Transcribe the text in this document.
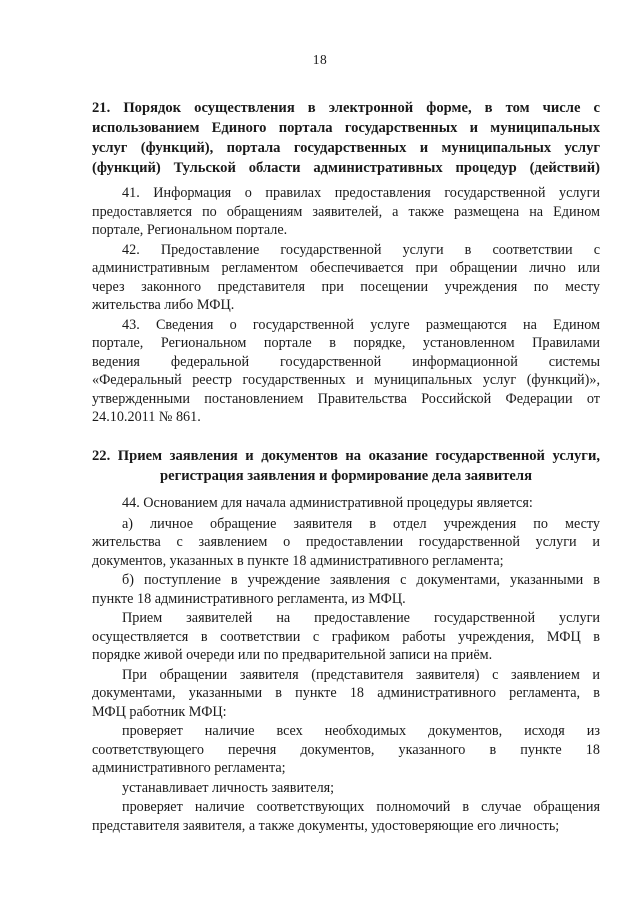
18
21. Порядок осуществления в электронной форме, в том числе с
использованием Единого портала государственных и муниципальных
услуг (функций), портала государственных и муниципальных услуг
(функций) Тульской области административных процедур (действий)
41. Информация о правилах предоставления государственной услуги
предоставляется по обращениям заявителей, а также размещена на Едином
портале, Региональном портале.
42. Предоставление государственной услуги в соответствии с
административным регламентом обеспечивается при обращении лично или
через законного представителя при посещении учреждения по месту
жительства либо МФЦ.
43. Сведения о государственной услуге размещаются на Едином
портале, Региональном портале в порядке, установленном Правилами
ведения федеральной государственной информационной системы
«Федеральный реестр государственных и муниципальных услуг (функций)»,
утвержденными постановлением Правительства Российской Федерации от
24.10.2011 № 861.
22. Прием заявления и документов на оказание государственной услуги,
регистрация заявления и формирование дела заявителя
44. Основанием для начала административной процедуры является:
а) личное обращение заявителя в отдел учреждения по месту
жительства с заявлением о предоставлении государственной услуги и
документов, указанных в пункте 18 административного регламента;
б) поступление в учреждение заявления с документами, указанными в
пункте 18 административного регламента, из МФЦ.
Прием заявителей на предоставление государственной услуги
осуществляется в соответствии с графиком работы учреждения, МФЦ в
порядке живой очереди или по предварительной записи на приём.
При обращении заявителя (представителя заявителя) с заявлением и
документами, указанными в пункте 18 административного регламента, в
МФЦ работник МФЦ:
проверяет наличие всех необходимых документов, исходя из
соответствующего перечня документов, указанного в пункте 18
административного регламента;
устанавливает личность заявителя;
проверяет наличие соответствующих полномочий в случае обращения
представителя заявителя, а также документы, удостоверяющие его личность;
